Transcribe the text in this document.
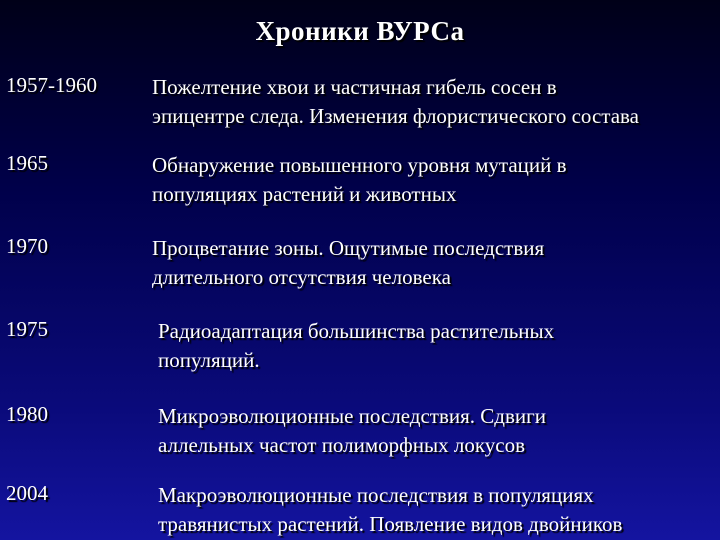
Хроники ВУРСа
1957-1960	Пожелтение хвои и частичная гибель сосен в
эпицентре следа. Изменения флористического состава
1965	Обнаружение повышенного уровня мутаций в
популяциях растений и животных
1970	Процветание зоны. Ощутимые последствия
длительного отсутствия человека
1975	Радиоадаптация большинства растительных
популяций.
1980	Микроэволюционные последствия. Сдвиги
аллельных частот полиморфных локусов
2004	Макроэволюционные последствия в популяциях
травянистых растений. Появление видов двойников
